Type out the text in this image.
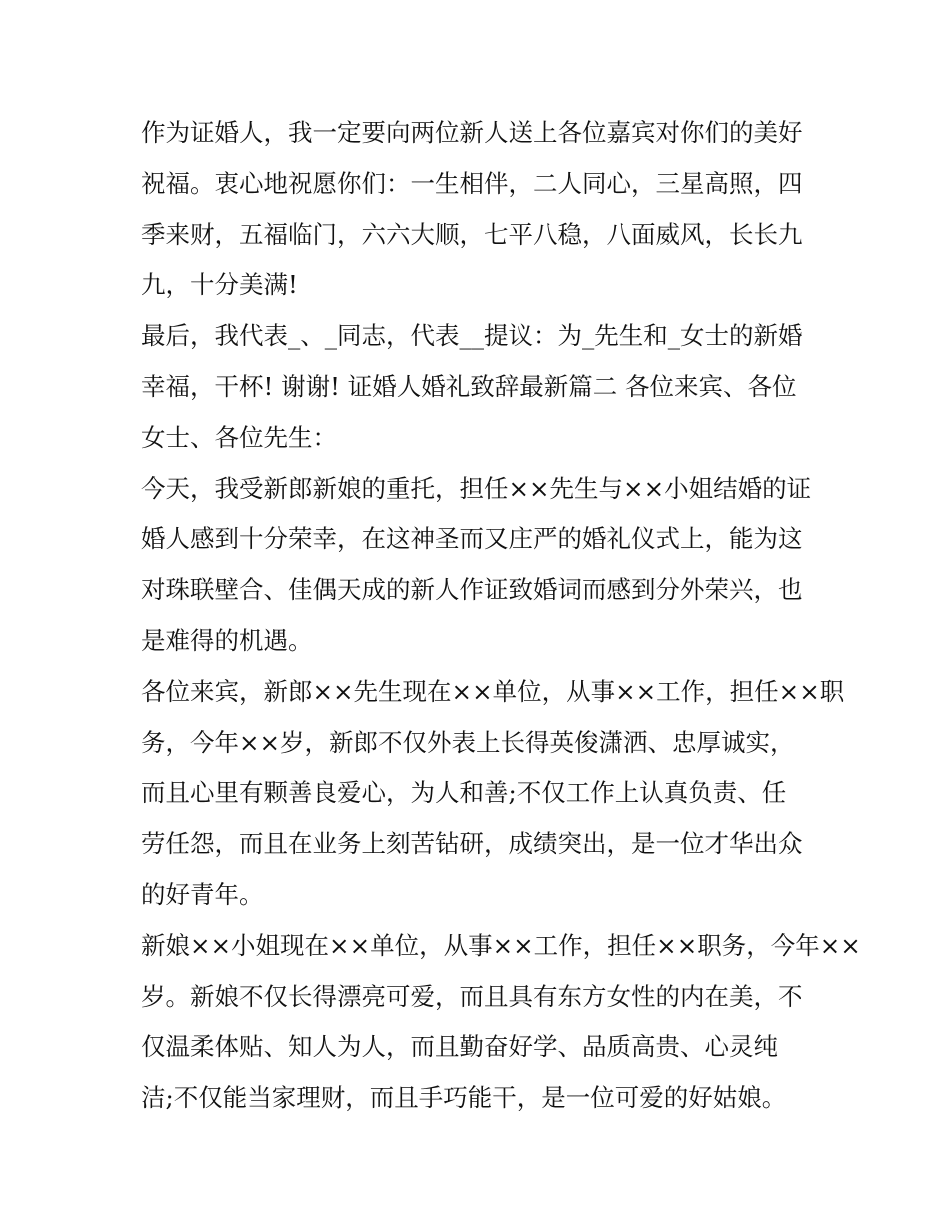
作为证婚人，我一定要向两位新人送上各位嘉宾对你们的美好
祝福。衷心地祝愿你们：一生相伴，二人同心，三星高照，四
季来财，五福临门，六六大顺，七平八稳，八面威风，长长九
九，十分美满!

最后，我代表_、_同志，代表__提议：为_先生和_女士的新婚
幸福，干杯! 谢谢! 证婚人婚礼致辞最新篇二 各位来宾、各位
女士、各位先生：

今天，我受新郎新娘的重托，担任××先生与××小姐结婚的证
婚人感到十分荣幸，在这神圣而又庄严的婚礼仪式上，能为这
对珠联壁合、佳偶天成的新人作证致婚词而感到分外荣兴，也
是难得的机遇。

各位来宾，新郎××先生现在××单位，从事××工作，担任××职
务，今年××岁，新郎不仅外表上长得英俊潇洒、忠厚诚实，
而且心里有颗善良爱心，为人和善;不仅工作上认真负责、任
劳任怨，而且在业务上刻苦钻研，成绩突出，是一位才华出众
的好青年。

新娘××小姐现在××单位，从事××工作，担任××职务，今年××
岁。新娘不仅长得漂亮可爱，而且具有东方女性的内在美，不
仅温柔体贴、知人为人，而且勤奋好学、品质高贵、心灵纯
洁;不仅能当家理财，而且手巧能干，是一位可爱的好姑娘。
